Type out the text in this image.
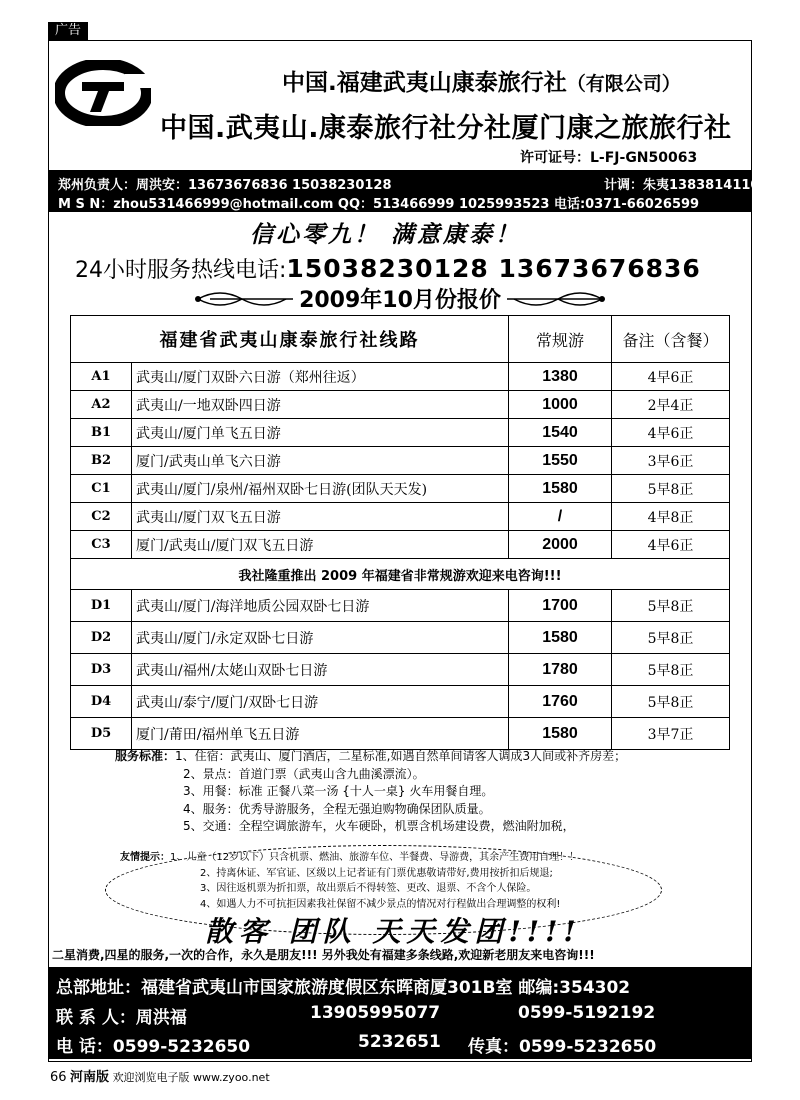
广告
中国.福建武夷山康泰旅行社（有限公司）
中国.武夷山.康泰旅行社分社厦门康之旅旅行社
许可证号：L-FJ-GN50063
郑州负责人：周洪安：13673676836 15038230128	计调：朱夷13838141103
M S N：zhou531466999@hotmail.com QQ：513466999 1025993523 电话:0371-66026599
信心零九！ 满意康泰！
24小时服务热线电话:15038230128 13673676836
2009年10月份报价
福建省武夷山康泰旅行社线路		常规游	备注（含餐）
A1	武夷山/厦门双卧六日游（郑州往返）	1380	4早6正
A2	武夷山/一地双卧四日游	1000	2早4正
B1	武夷山/厦门单飞五日游	1540	4早6正
B2	厦门/武夷山单飞六日游	1550	3早6正
C1	武夷山/厦门/泉州/福州双卧七日游(团队天天发)	1580	5早8正
C2	武夷山/厦门双飞五日游	/	4早8正
C3	厦门/武夷山/厦门双飞五日游	2000	4早6正
我社隆重推出 2009 年福建省非常规游欢迎来电咨询!!!			
D1	武夷山/厦门/海洋地质公园双卧七日游	1700	5早8正
D2	武夷山/厦门/永定双卧七日游	1580	5早8正
D3	武夷山/福州/太姥山双卧七日游	1780	5早8正
D4	武夷山/泰宁/厦门/双卧七日游	1760	5早8正
D5	厦门/莆田/福州单飞五日游	1580	3早7正
服务标准：1、住宿：武夷山、厦门酒店，二星标准,如遇自然单间请客人调成3人间或补齐房差；
2、景点：首道门票（武夷山含九曲溪漂流）。
3、用餐：标准 正餐八菜一汤 {十人一桌} 火车用餐自理。
4、服务：优秀导游服务，全程无强迫购物确保团队质量。
5、交通：全程空调旅游车，火车硬卧，机票含机场建设费，燃油附加税，
友情提示：1、儿童（12岁以下）只含机票、燃油、旅游车位、半餐费、导游费，其余产生费用自理！！
2、持离休证、军官证、区级以上记者证有门票优惠敬请带好,费用按折扣后规退;
3、因往返机票为折扣票，故出票后不得转签、更改、退票、不含个人保险。
4、如遇人力不可抗拒因素我社保留不减少景点的情况对行程做出合理调整的权利!
散客 团队 天天发团!!!!
二星消费,四星的服务,一次的合作，永久是朋友!!! 另外我处有福建多条线路,欢迎新老朋友来电咨询!!!
总部地址：福建省武夷山市国家旅游度假区东晖商厦301B室 邮编:354302
联 系 人：周洪福	13905995077	0599-5192192
电 话：0599-5232650	5232651 传真：0599-5232650
66 河南版 欢迎浏览电子版 www.zyoo.net
